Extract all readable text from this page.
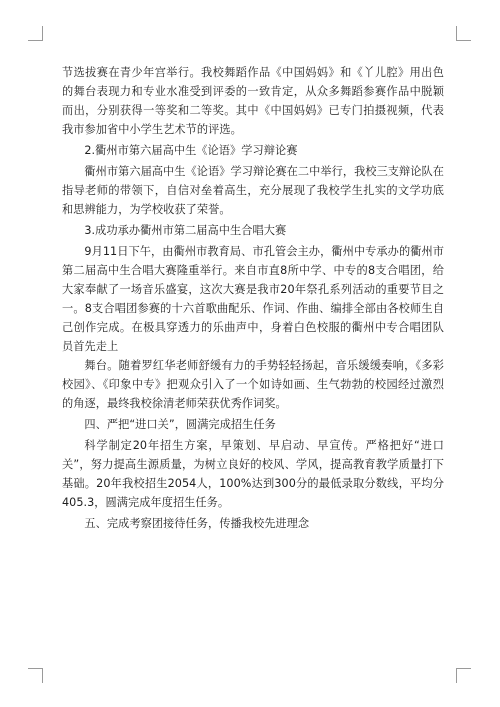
节选拔赛在青少年宫举行。我校舞蹈作品《中国妈妈》和《丫儿腔》用出色的舞台表现力和专业水准受到评委的一致肯定，从众多舞蹈参赛作品中脱颖而出，分别获得一等奖和二等奖。其中《中国妈妈》已专门拍摄视频，代表我市参加省中小学生艺术节的评选。

2.衢州市第六届高中生《论语》学习辩论赛

衢州市第六届高中生《论语》学习辩论赛在二中举行，我校三支辩论队在指导老师的带领下，自信对垒着高生，充分展现了我校学生扎实的文学功底和思辨能力，为学校收获了荣誉。

3.成功承办衢州市第二届高中生合唱大赛

9月11日下午，由衢州市教育局、市孔管会主办，衢州中专承办的衢州市第二届高中生合唱大赛隆重举行。来自市直8所中学、中专的8支合唱团，给大家奉献了一场音乐盛宴，这次大赛是我市20年祭孔系列活动的重要节目之一。8支合唱团参赛的十六首歌曲配乐、作词、作曲、编排全部由各校师生自己创作完成。在极具穿透力的乐曲声中，身着白色校服的衢州中专合唱团队员首先走上

舞台。随着罗红华老师舒缓有力的手势轻轻扬起，音乐缓缓奏响，《多彩校园》、《印象中专》把观众引入了一个如诗如画、生气勃勃的校园经过激烈的角逐，最终我校徐清老师荣获优秀作词奖。

四、严把“进口关”，圆满完成招生任务

科学制定20年招生方案，早策划、早启动、早宣传。严格把好“进口关”，努力提高生源质量，为树立良好的校风、学风，提高教育教学质量打下基础。20年我校招生2054人，100%达到300分的最低录取分数线，平均分405.3，圆满完成年度招生任务。

五、完成考察团接待任务，传播我校先进理念
